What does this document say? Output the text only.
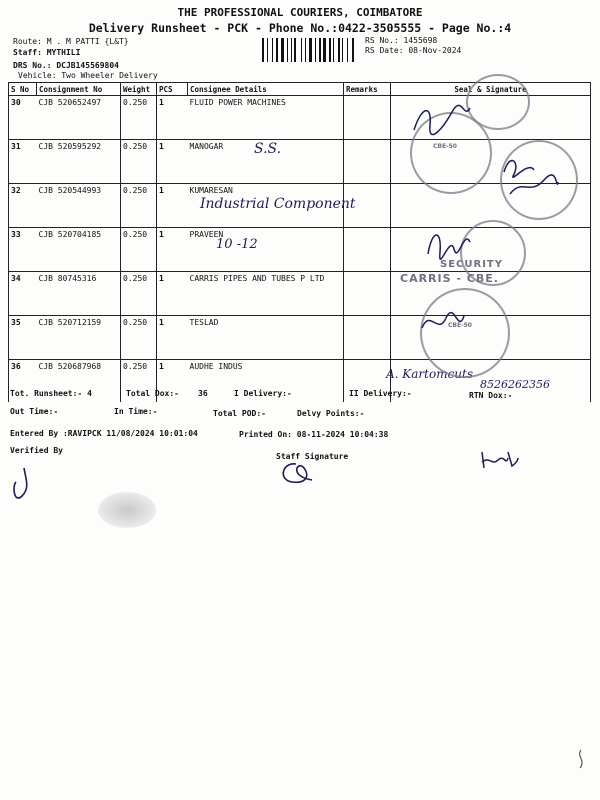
THE PROFESSIONAL COURIERS, COIMBATORE
Delivery Runsheet - PCK - Phone No.:0422-3505555 - Page No.:4
Route: M . M PATTI {L&T}
Staff: MYTHILI
DRS No.: DCJB145569804
Vehicle: Two Wheeler Delivery
RS No.: 1455698
RS Date: 08-Nov-2024
S No	Consignment No	Weight	PCS	Consignee Details	Remarks	Seal & Signature
30	CJB 520652497	0.250	1	FLUID POWER MACHINES		
31	CJB 520595292	0.250	1	MANOGAR		
32	CJB 520544993	0.250	1	KUMARESAN		
33	CJB 520704185	0.250	1	PRAVEEN		
34	CJB 80745316	0.250	1	CARRIS PIPES AND TUBES P LTD		
35	CJB 520712159	0.250	1	TESLAD		
36	CJB 520687968	0.250	1	AUDHE INDUS		
S.S.
Industrial Component
10 -12
A. Kartomcuts
8526262356
CBE-50
SECURITY
CARRIS - CBE.
CBE-50
Tot. Runsheet:- 4	Total Dox:- 36	I Delivery:-	II Delivery:-	RTN Dox:-
Out Time:-	In Time:-	Total POD:-	Delvy Points:-
Entered By :RAVIPCK 11/08/2024 10:01:04	Printed On: 08-11-2024 10:04:38
Verified By
Staff Signature
